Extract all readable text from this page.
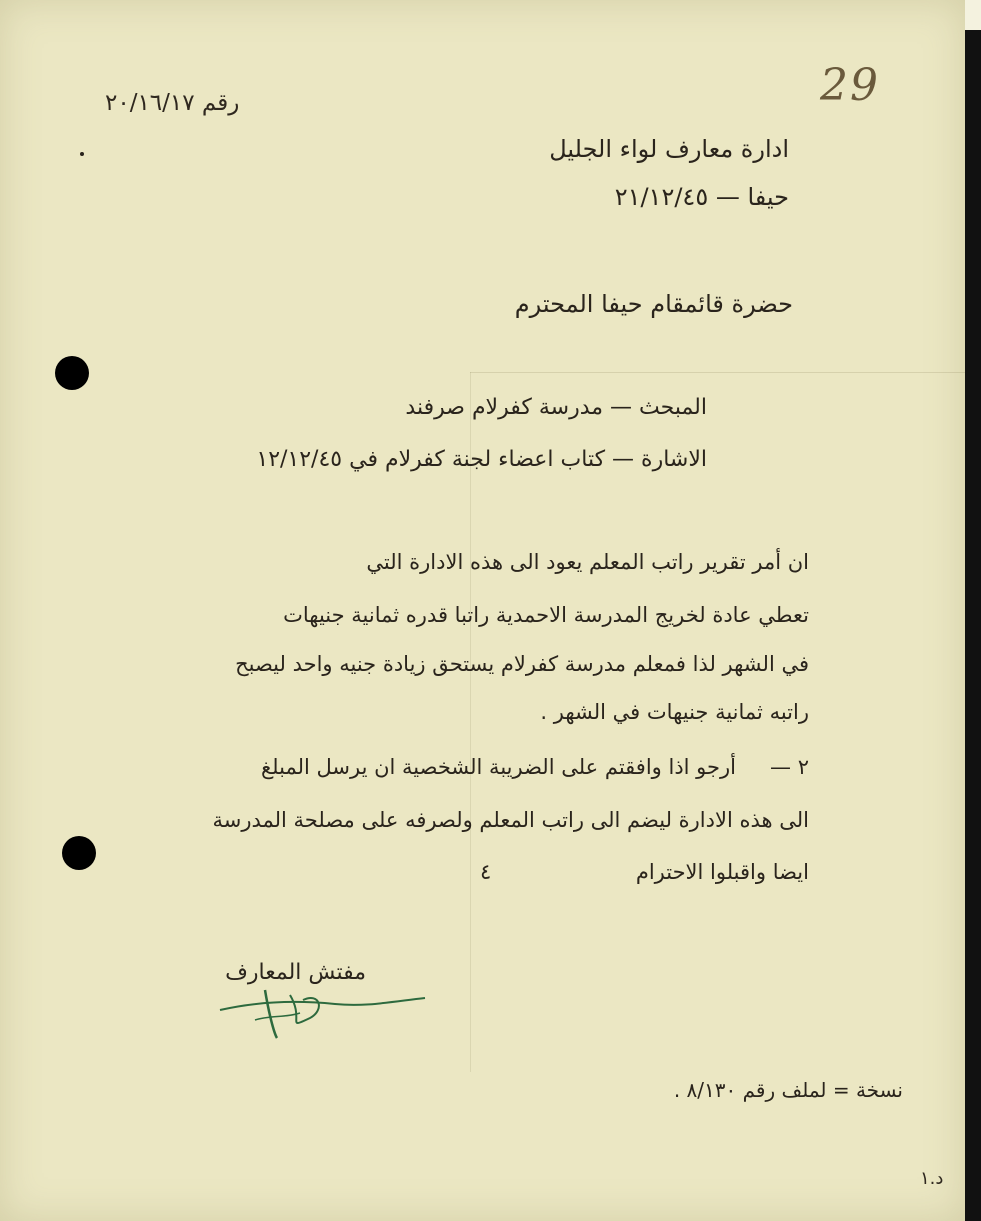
رقم ٢٠/١٦/١٧	29
ادارة معارف لواء الجليل
حيفا — ٢١/١٢/٤٥
حضرة قائمقام حيفا المحترم
المبحث — مدرسة كفرلام صرفند
الاشارة — كتاب اعضاء لجنة كفرلام في ١٢/١٢/٤٥
ان أمر تقرير راتب المعلم يعود الى هذه الادارة التي
تعطي عادة لخريج المدرسة الاحمدية راتبا قدره ثمانية جنيهات
في الشهر لذا فمعلم مدرسة كفرلام يستحق زيادة جنيه واحد ليصبح
راتبه ثمانية جنيهات في الشهر .
٢ —
أرجو اذا وافقتم على الضريبة الشخصية ان يرسل المبلغ
الى هذه الادارة ليضم الى راتب المعلم ولصرفه على مصلحة المدرسة
ايضا واقبلوا الاحترام
٤
مفتش المعارف
نسخة = لملف رقم ٨/١٣٠ .
د.١
